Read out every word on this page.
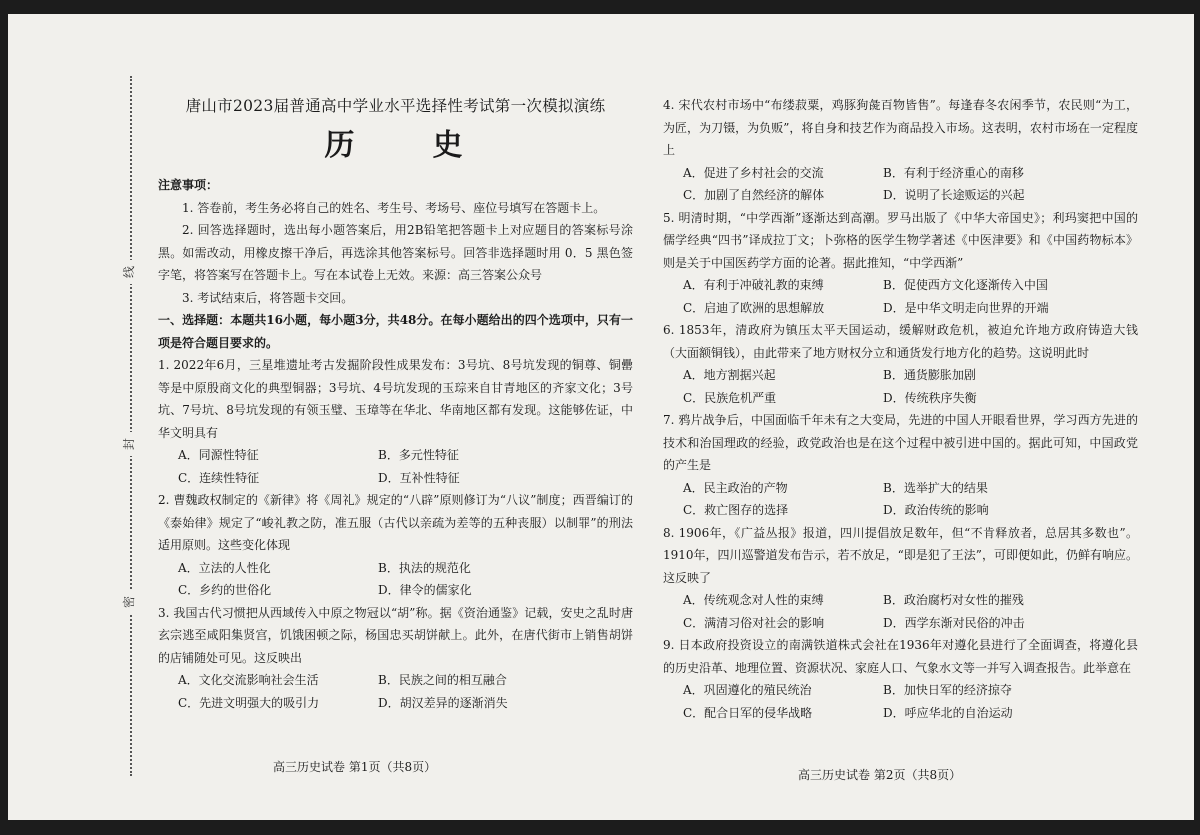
线
封
密
唐山市2023届普通高中学业水平选择性考试第一次模拟演练
历　史

注意事项：

1. 答卷前，考生务必将自己的姓名、考生号、考场号、座位号填写在答题卡上。

2. 回答选择题时，选出每小题答案后，用2B铅笔把答题卡上对应题目的答案标号涂黑。如需改动，用橡皮擦干净后，再选涂其他答案标号。回答非选择题时用 0．5 黑色签字笔，将答案写在答题卡上。写在本试卷上无效。来源：高三答案公众号

3. 考试结束后，将答题卡交回。

一、选择题：本题共16小题，每小题3分，共48分。在每小题给出的四个选项中，只有一项是符合题目要求的。

1. 2022年6月，三星堆遗址考古发掘阶段性成果发布：3号坑、8号坑发现的铜尊、铜罍等是中原殷商文化的典型铜器；3号坑、4号坑发现的玉琮来自甘青地区的齐家文化；3号坑、7号坑、8号坑发现的有领玉璧、玉璋等在华北、华南地区都有发现。这能够佐证，中华文明具有

A．同源性特征	B．多元性特征
C．连续性特征	D．互补性特征

2. 曹魏政权制定的《新律》将《周礼》规定的“八辟”原则修订为“八议”制度；西晋编订的《泰始律》规定了“峻礼教之防，准五服（古代以亲疏为差等的五种丧服）以制罪”的刑法适用原则。这些变化体现

A．立法的人性化	B．执法的规范化
C．乡约的世俗化	D．律令的儒家化

3. 我国古代习惯把从西域传入中原之物冠以“胡”称。据《资治通鉴》记载，安史之乱时唐玄宗逃至咸阳集贤宫，饥饿困顿之际，杨国忠买胡饼献上。此外，在唐代街市上销售胡饼的店铺随处可见。这反映出

A．文化交流影响社会生活	B．民族之间的相互融合
C．先进文明强大的吸引力	D．胡汉差异的逐渐消失

4. 宋代农村市场中“布缕菽粟，鸡豚狗彘百物皆售”。每逢春冬农闲季节，农民则“为工，为匠，为刀镊，为负贩”，将自身和技艺作为商品投入市场。这表明，农村市场在一定程度上

A．促进了乡村社会的交流	B．有利于经济重心的南移
C．加剧了自然经济的解体	D．说明了长途贩运的兴起

5. 明清时期，“中学西渐”逐渐达到高潮。罗马出版了《中华大帝国史》；利玛窦把中国的儒学经典“四书”译成拉丁文；卜弥格的医学生物学著述《中医津要》和《中国药物标本》则是关于中国医药学方面的论著。据此推知，“中学西渐”

A．有利于冲破礼教的束缚	B．促使西方文化逐渐传入中国
C．启迪了欧洲的思想解放	D．是中华文明走向世界的开端

6. 1853年，清政府为镇压太平天国运动，缓解财政危机，被迫允许地方政府铸造大钱（大面额铜钱），由此带来了地方财权分立和通货发行地方化的趋势。这说明此时

A．地方割据兴起	B．通货膨胀加剧
C．民族危机严重	D．传统秩序失衡

7. 鸦片战争后，中国面临千年未有之大变局，先进的中国人开眼看世界，学习西方先进的技术和治国理政的经验，政党政治也是在这个过程中被引进中国的。据此可知，中国政党的产生是

A．民主政治的产物	B．选举扩大的结果
C．救亡图存的选择	D．政治传统的影响

8. 1906年，《广益丛报》报道，四川提倡放足数年，但“不肯释放者，总居其多数也”。1910年，四川巡警道发布告示，若不放足，“即是犯了王法”，可即便如此，仍鲜有响应。这反映了

A．传统观念对人性的束缚	B．政治腐朽对女性的摧残
C．满清习俗对社会的影响	D．西学东渐对民俗的冲击

9. 日本政府投资设立的南满铁道株式会社在1936年对遵化县进行了全面调查，将遵化县的历史沿革、地理位置、资源状况、家庭人口、气象水文等一并写入调查报告。此举意在

A．巩固遵化的殖民统治	B．加快日军的经济掠夺
C．配合日军的侵华战略	D．呼应华北的自治运动
高三历史试卷 第1页（共8页）
高三历史试卷 第2页（共8页）
